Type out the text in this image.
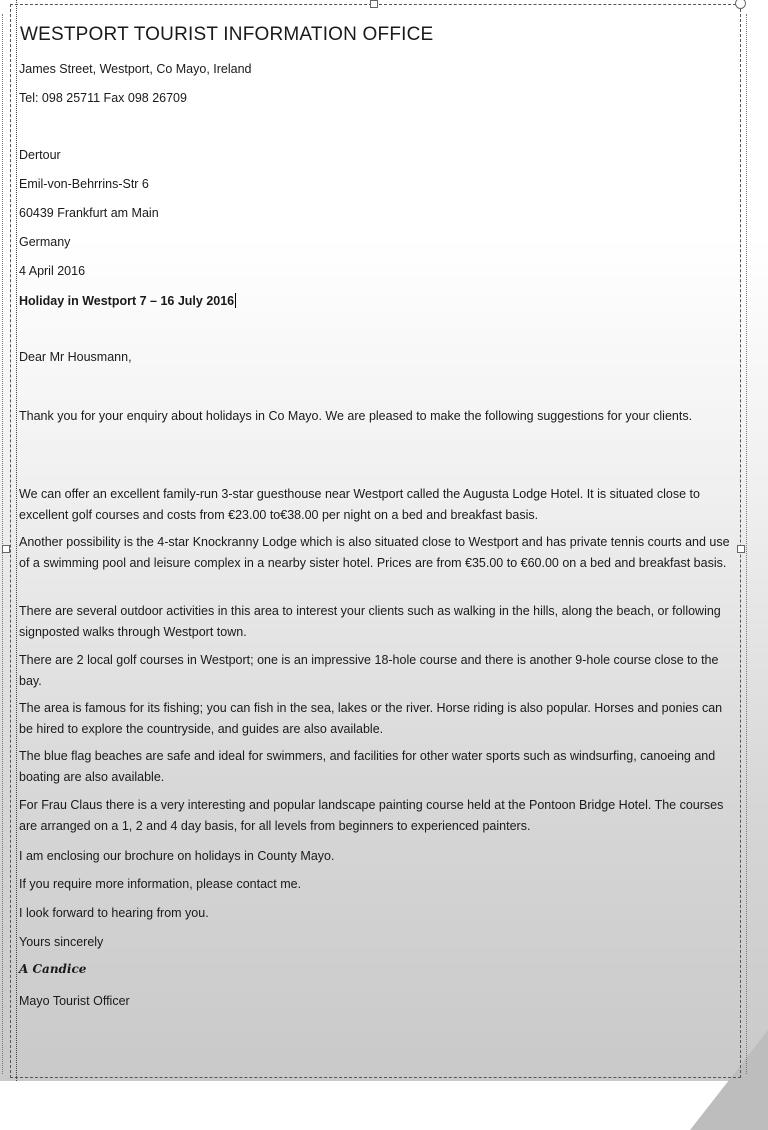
WESTPORT TOURIST INFORMATION OFFICE
James Street, Westport, Co Mayo, Ireland
Tel: 098 25711 Fax 098 26709
Dertour
Emil-von-Behrrins-Str 6
60439 Frankfurt am Main
Germany
4 April 2016
Holiday in Westport 7 – 16 July 2016
Dear Mr Housmann,
Thank you for your enquiry about holidays in Co Mayo. We are pleased to make the following suggestions for your clients.
We can offer an excellent family-run 3-star guesthouse near Westport called the Augusta Lodge Hotel. It is situated close to excellent golf courses and costs from €23.00 to€38.00 per night on a bed and breakfast basis.
Another possibility is the 4-star Knockranny Lodge which is also situated close to Westport and has private tennis courts and use of a swimming pool and leisure complex in a nearby sister hotel. Prices are from €35.00 to €60.00 on a bed and breakfast basis.
There are several outdoor activities in this area to interest your clients such as walking in the hills, along the beach, or following signposted walks through Westport town.
There are 2 local golf courses in Westport; one is an impressive 18-hole course and there is another 9-hole course close to the bay.
The area is famous for its fishing; you can fish in the sea, lakes or the river. Horse riding is also popular. Horses and ponies can be hired to explore the countryside, and guides are also available.
The blue flag beaches are safe and ideal for swimmers, and facilities for other water sports such as windsurfing, canoeing and boating are also available.
For Frau Claus there is a very interesting and popular landscape painting course held at the Pontoon Bridge Hotel. The courses are arranged on a 1, 2 and 4 day basis, for all levels from beginners to experienced painters.
I am enclosing our brochure on holidays in County Mayo.
If you require more information, please contact me.
I look forward to hearing from you.
Yours sincerely
A Candice
Mayo Tourist Officer
